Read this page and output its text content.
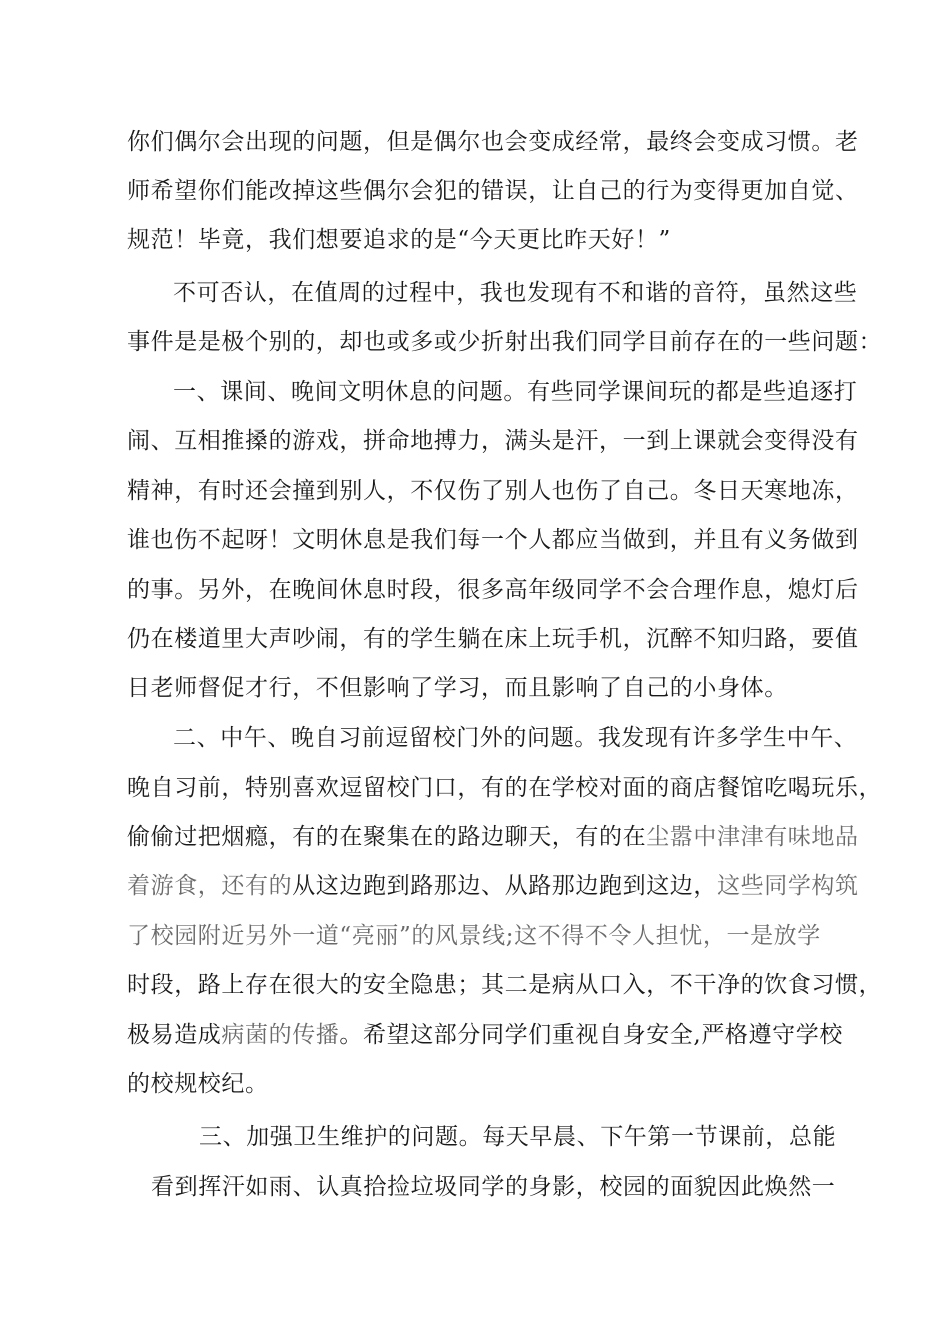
你们偶尔会出现的问题，但是偶尔也会变成经常，最终会变成习惯。老
师希望你们能改掉这些偶尔会犯的错误，让自己的行为变得更加自觉、
规范！毕竟，我们想要追求的是“今天更比昨天好！”
不可否认，在值周的过程中，我也发现有不和谐的音符，虽然这些
事件是是极个别的，却也或多或少折射出我们同学目前存在的一些问题：
一、课间、晚间文明休息的问题。有些同学课间玩的都是些追逐打
闹、互相推搡的游戏，拼命地搏力，满头是汗，一到上课就会变得没有
精神，有时还会撞到别人，不仅伤了别人也伤了自己。冬日天寒地冻，
谁也伤不起呀！文明休息是我们每一个人都应当做到，并且有义务做到
的事。另外，在晚间休息时段，很多高年级同学不会合理作息，熄灯后
仍在楼道里大声吵闹，有的学生躺在床上玩手机，沉醉不知归路，要值
日老师督促才行，不但影响了学习，而且影响了自己的小身体。
二、中午、晚自习前逗留校门外的问题。我发现有许多学生中午、
晚自习前，特别喜欢逗留校门口，有的在学校对面的商店餐馆吃喝玩乐，
偷偷过把烟瘾，有的在聚集在的路边聊天，有的在尘嚣中津津有味地品
着游食，还有的从这边跑到路那边、从路那边跑到这边，这些同学构筑
了校园附近另外一道“亮丽”的风景线;这不得不令人担忧，一是放学
时段，路上存在很大的安全隐患；其二是病从口入，不干净的饮食习惯，
极易造成病菌的传播。希望这部分同学们重视自身安全,严格遵守学校
的校规校纪。
三、加强卫生维护的问题。每天早晨、下午第一节课前，总能
看到挥汗如雨、认真拾捡垃圾同学的身影，校园的面貌因此焕然一
